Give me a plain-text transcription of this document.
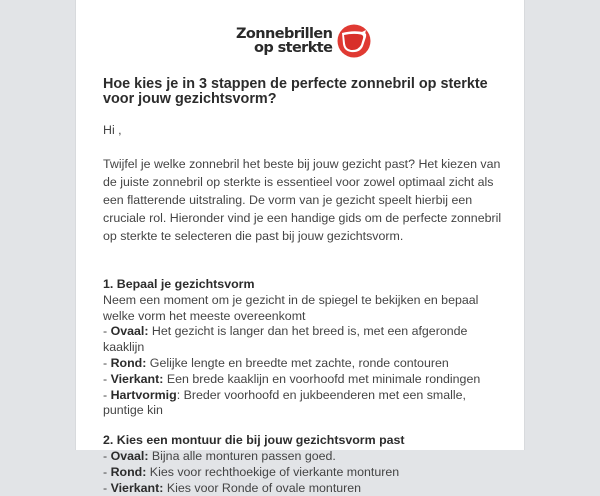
Zonnebrillen
op sterkte
Hoe kies je in 3 stappen de perfecte zonnebril op sterkte voor jouw gezichtsvorm?
Hi ,
Twijfel je welke zonnebril het beste bij jouw gezicht past? Het kiezen van de juiste zonnebril op sterkte is essentieel voor zowel optimaal zicht als een flatterende uitstraling. De vorm van je gezicht speelt hierbij een cruciale rol. Hieronder vind je een handige gids om de perfecte zonnebril op sterkte te selecteren die past bij jouw gezichtsvorm.
1. Bepaal je gezichtsvorm
Neem een moment om je gezicht in de spiegel te bekijken en bepaal welke vorm het meeste overeenkomt
- Ovaal: Het gezicht is langer dan het breed is, met een afgeronde kaaklijn
- Rond: Gelijke lengte en breedte met zachte, ronde contouren
- Vierkant: Een brede kaaklijn en voorhoofd met minimale rondingen
- Hartvormig: Breder voorhoofd en jukbeenderen met een smalle, puntige kin
2. Kies een montuur die bij jouw gezichtsvorm past
- Ovaal: Bijna alle monturen passen goed.
- Rond: Kies voor rechthoekige of vierkante monturen
- Vierkant: Kies voor Ronde of ovale monturen
